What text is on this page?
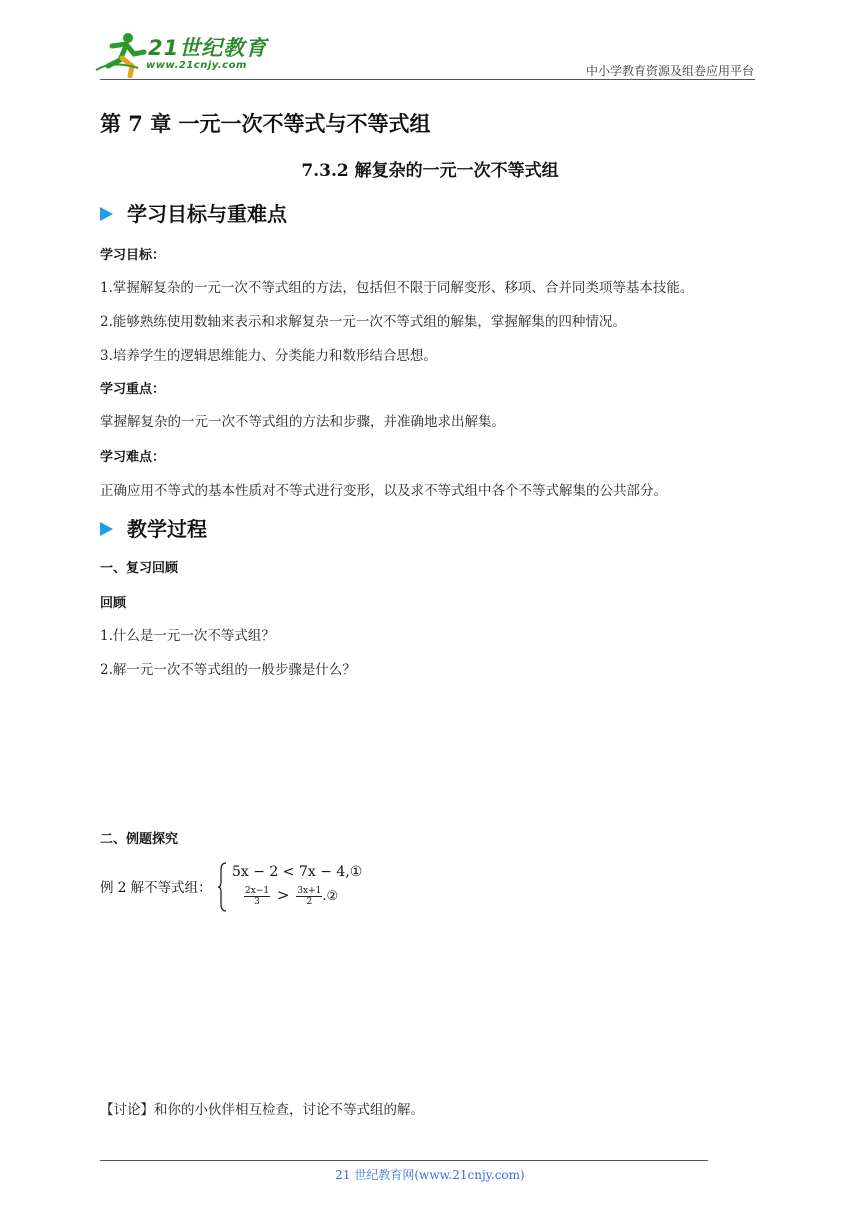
21世纪教育
www.21cnjy.com	中小学教育资源及组卷应用平台
第 7 章 一元一次不等式与不等式组
7.3.2 解复杂的一元一次不等式组
学习目标与重难点
学习目标：
1.掌握解复杂的一元一次不等式组的方法，包括但不限于同解变形、移项、合并同类项等基本技能。
2.能够熟练使用数轴来表示和求解复杂一元一次不等式组的解集，掌握解集的四种情况。
3.培养学生的逻辑思维能力、分类能力和数形结合思想。
学习重点：
掌握解复杂的一元一次不等式组的方法和步骤，并准确地求出解集。
学习难点：
正确应用不等式的基本性质对不等式进行变形，以及求不等式组中各个不等式解集的公共部分。
教学过程
一、复习回顾
回顾
1.什么是一元一次不等式组？
2.解一元一次不等式组的一般步骤是什么？
二、例题探究
例 2 解不等式组：
5x − 2 < 7x − 4,①
$\frac{2x-1}{3} > \frac{3x+1}{2}$ .②
【讨论】和你的小伙伴相互检查，讨论不等式组的解。
21 世纪教育网(www.21cnjy.com)
